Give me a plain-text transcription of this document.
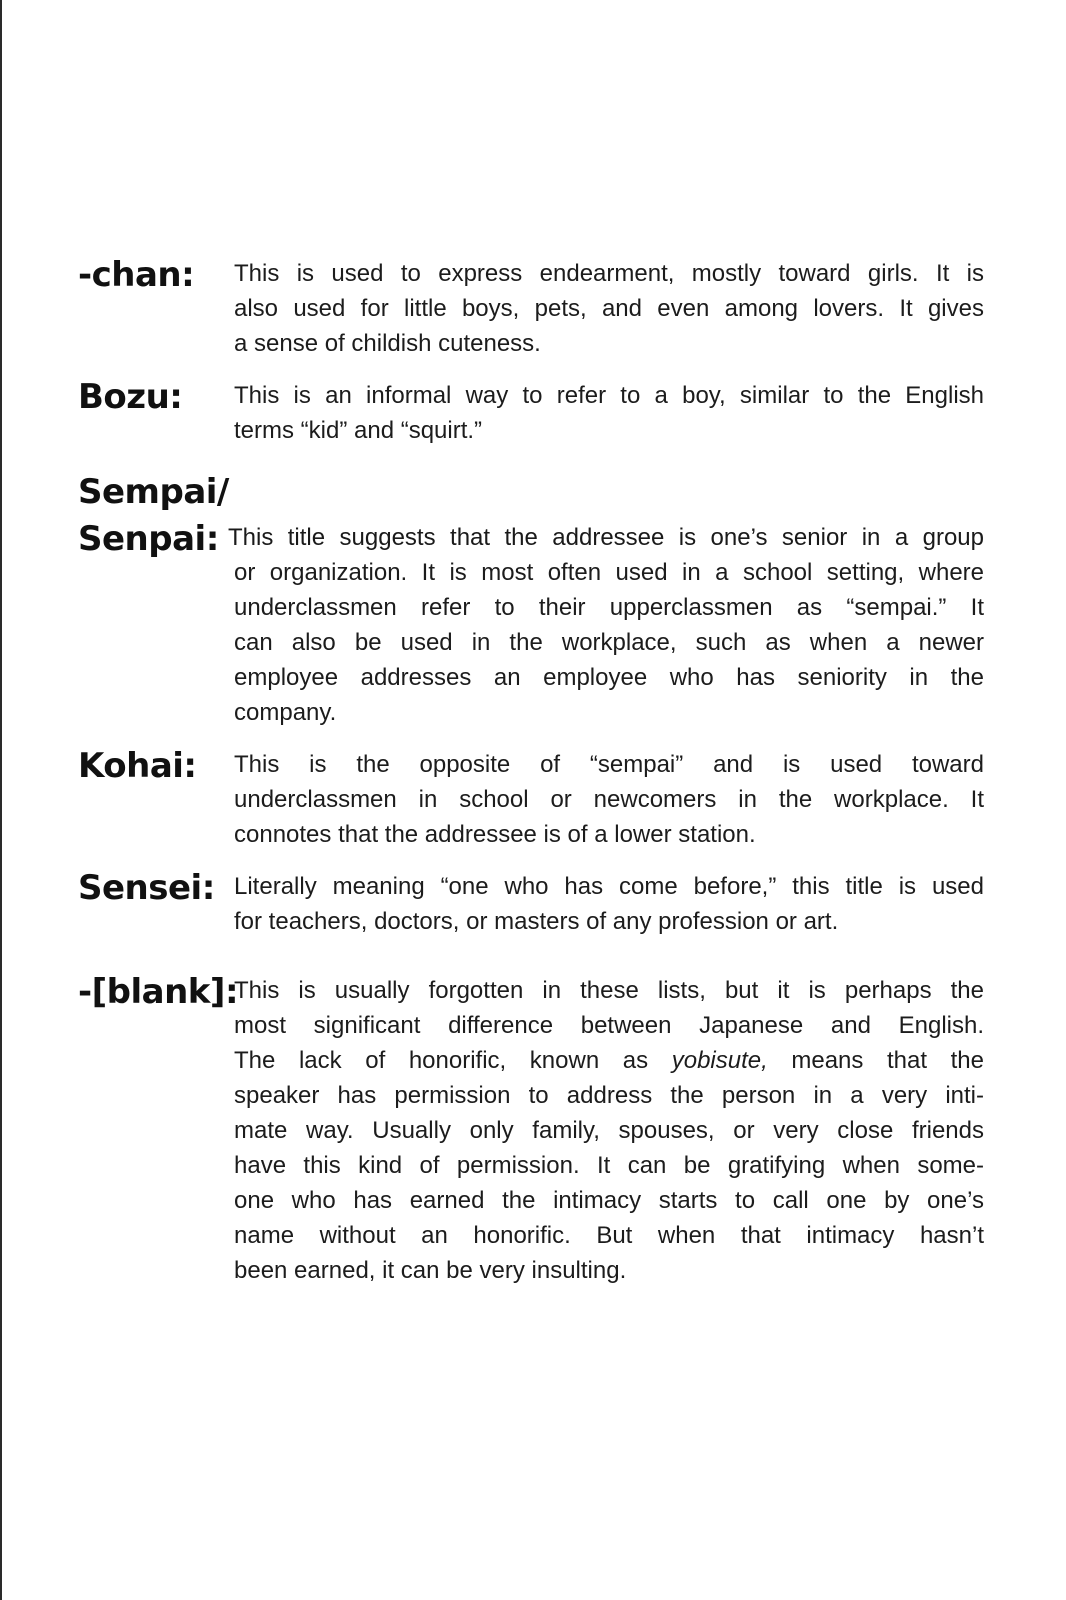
-chan: This is used to express endearment, mostly toward girls. It is
also used for little boys, pets, and even among lovers. It gives
a sense of childish cuteness.
Bozu: This is an informal way to refer to a boy, similar to the English
terms “kid” and “squirt.”
Sempai/
Senpai: This title suggests that the addressee is one’s senior in a group
or organization. It is most often used in a school setting, where
underclassmen refer to their upperclassmen as “sempai.” It
can also be used in the workplace, such as when a newer
employee addresses an employee who has seniority in the
company.
Kohai: This is the opposite of “sempai” and is used toward
underclassmen in school or newcomers in the workplace. It
connotes that the addressee is of a lower station.
Sensei: Literally meaning “one who has come before,” this title is used
for teachers, doctors, or masters of any profession or art.
-[blank]:
This is usually forgotten in these lists, but it is perhaps the
most significant difference between Japanese and English.
The lack of honorific, known as yobisute, means that the
speaker has permission to address the person in a very inti-
mate way. Usually only family, spouses, or very close friends
have this kind of permission. It can be gratifying when some-
one who has earned the intimacy starts to call one by one’s
name without an honorific. But when that intimacy hasn’t
been earned, it can be very insulting.
